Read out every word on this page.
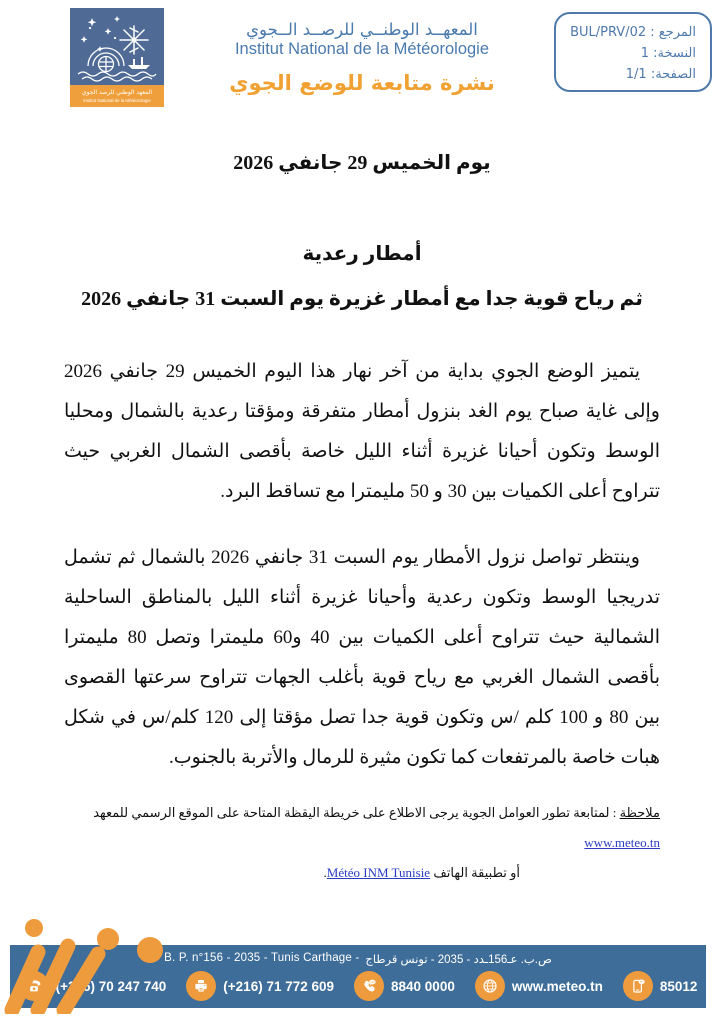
المعهد الوطني للرصد الجوي
Institut National de la Météorologie
المعهــد الوطنــي للرصــد الــجوي
Institut National de la Météorologie
نشرة متابعة للوضع الجوي
المرجع : BUL/PRV/02
النسخة: 1
الصفحة: 1/1
يوم الخميس 29 جانفي 2026
أمطار رعدية
ثم رياح قوية جدا مع أمطار غزيرة يوم السبت 31 جانفي 2026

يتميز الوضع الجوي بداية من آخر نهار هذا اليوم الخميس 29 جانفي 2026 وإلى غاية صباح يوم الغد بنزول أمطار متفرقة ومؤقتا رعدية بالشمال ومحليا الوسط وتكون أحيانا غزيرة أثناء الليل خاصة بأقصى الشمال الغربي حيث تتراوح أعلى الكميات بين 30 و 50 مليمترا مع تساقط البرد.

وينتظر تواصل نزول الأمطار يوم السبت 31 جانفي 2026 بالشمال ثم تشمل تدريجيا الوسط وتكون رعدية وأحيانا غزيرة أثناء الليل بالمناطق الساحلية الشمالية حيث تتراوح أعلى الكميات بين 40 و60 مليمترا وتصل 80 مليمترا بأقصى الشمال الغربي مع رياح قوية بأغلب الجهات تتراوح سرعتها القصوى بين 80 و 100 كلم /س وتكون قوية جدا تصل مؤقتا إلى 120 كلم/س في شكل هبات خاصة بالمرتفعات كما تكون مثيرة للرمال والأتربة بالجنوب.

ملاحظة : لمتابعة تطور العوامل الجوية يرجى الاطلاع على خريطة اليقظة المتاحة على الموقع الرسمي للمعهد www.meteo.tn
أو تطبيقة الهاتف Météo INM Tunisie.
B. P. n°156 - 2035 - Tunis Carthage - ص.ب. عـ156ـدد - 2035 - تونس قرطاج
(+216) 70 247 740	(+216) 71 772 609	8840 0000	www.meteo.tn	85012
